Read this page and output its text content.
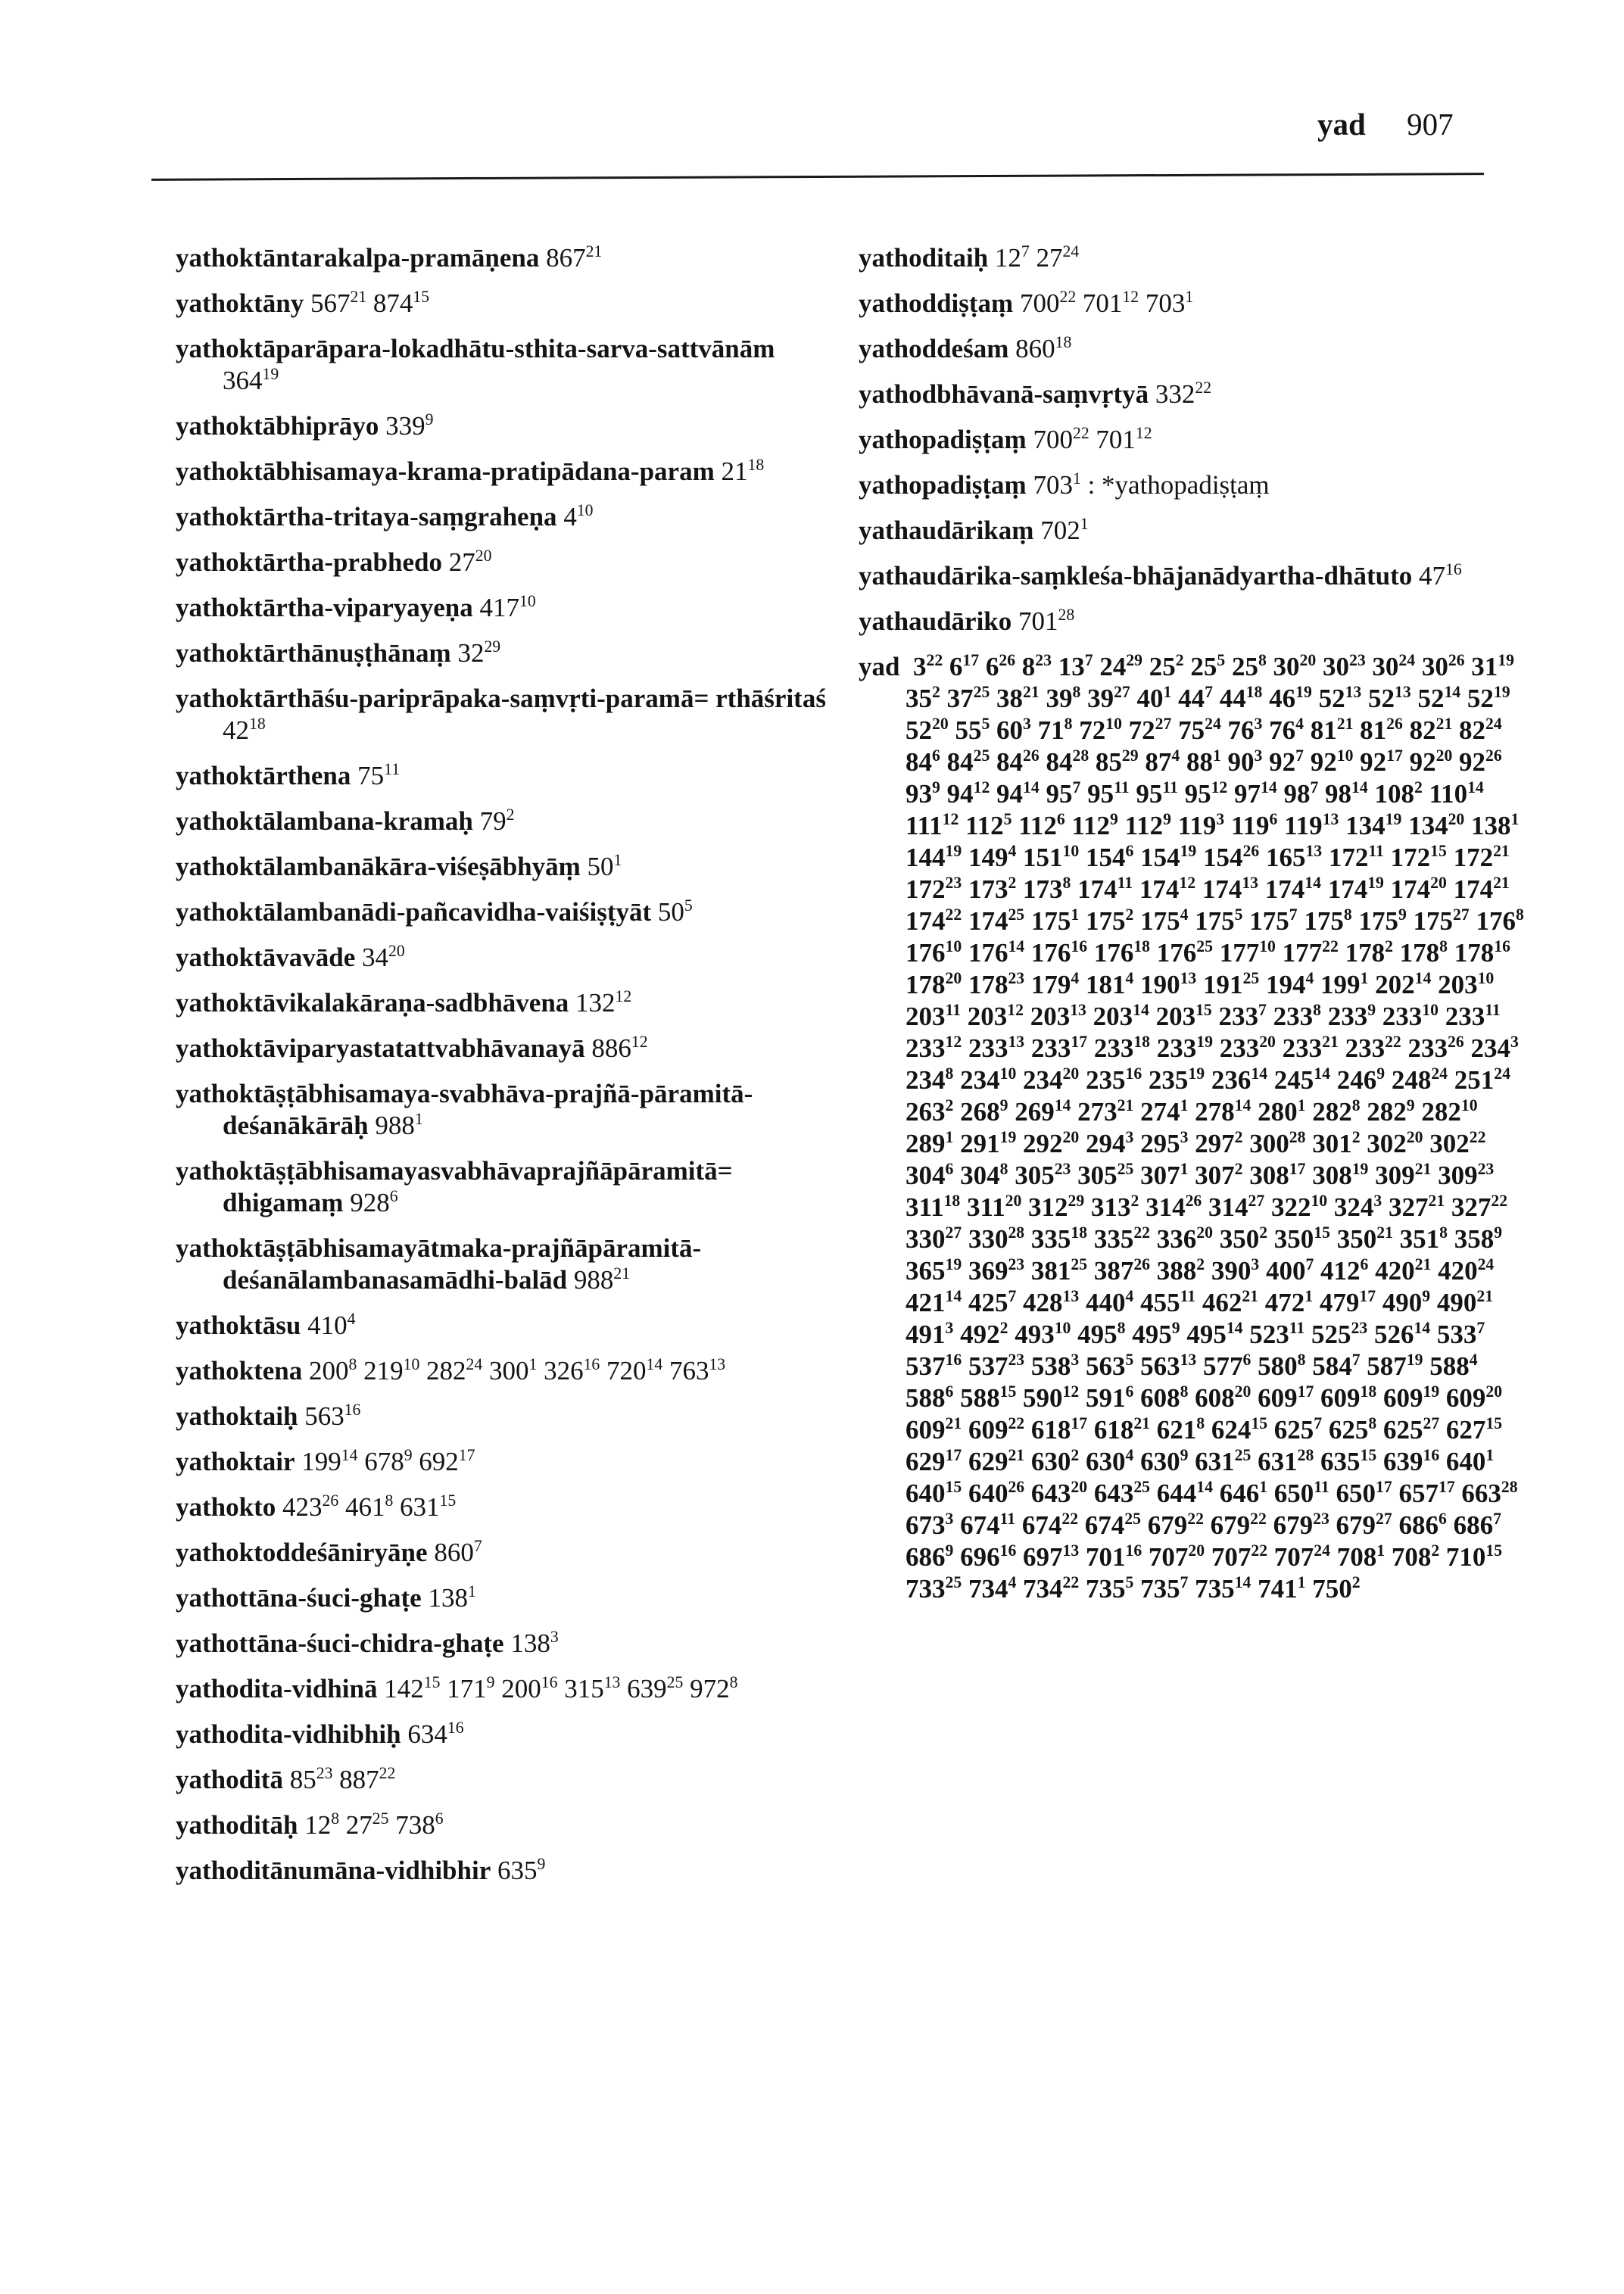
yad 907
yathoktāntarakalpa-pramāṇena $867^{21}$
yathoktāny $567^{21}$ $874^{15}$
yathoktāparāpara-lokadhātu-sthita-sarva-sattvānām $364^{19}$
yathoktābhiprāyo $339^9$
yathoktābhisamaya-krama-pratipādana-param $21^{18}$
yathoktārtha-tritaya-saṃgraheṇa $4^{10}$
yathoktārtha-prabhedo $27^{20}$
yathoktārtha-viparyayeṇa $417^{10}$
yathoktārthānuṣṭhānaṃ $32^{29}$
yathoktārthāśu-pariprāpaka-saṃvṛti-paramā= rthāśritaś $42^{18}$
yathoktārthena $75^{11}$
yathoktālambana-kramaḥ $79^2$
yathoktālambanākāra-viśeṣābhyāṃ $50^1$
yathoktālambanādi-pañcavidha-vaiśiṣṭyāt $50^5$
yathoktāvavāde $34^{20}$
yathoktāvikalakāraṇa-sadbhāvena $132^{12}$
yathoktāviparyastatattvabhāvanayā $886^{12}$
yathoktāṣṭābhisamaya-svabhāva-prajñā-pāramitā-deśanākārāḥ $988^1$
yathoktāṣṭābhisamayasvabhāvaprajñāpāramitā= dhigamaṃ $928^6$
yathoktāṣṭābhisamayātmaka-prajñāpāramitā-deśanālambanasamādhi-balād $988^{21}$
yathoktāsu $410^4$
yathoktena $200^8$ $219^{10}$ $282^{24}$ $300^1$ $326^{16}$ $720^{14}$ $763^{13}$
yathoktaiḥ $563^{16}$
yathoktair $199^{14}$ $678^9$ $692^{17}$
yathokto $423^{26}$ $461^8$ $631^{15}$
yathoktoddeśāniryāṇe $860^7$
yathottāna-śuci-ghaṭe $138^1$
yathottāna-śuci-chidra-ghaṭe $138^3$
yathodita-vidhinā $142^{15}$ $171^9$ $200^{16}$ $315^{13}$ $639^{25}$ $972^8$
yathodita-vidhibhiḥ $634^{16}$
yathoditā $85^{23}$ $887^{22}$
yathoditāḥ $12^8$ $27^{25}$ $738^6$
yathoditānumāna-vidhibhir $635^9$
yathoditaiḥ $12^7$ $27^{24}$
yathoddiṣṭaṃ $700^{22}$ $701^{12}$ $703^1$
yathoddeśam $860^{18}$
yathodbhāvanā-saṃvṛtyā $332^{22}$
yathopadiṣṭaṃ $700^{22}$ $701^{12}$
yathopadiṣṭaṃ $703^1$ : *yathopadiṣṭaṃ
yathaudārikaṃ $702^1$
yathaudārika-saṃkleśa-bhājanādyartha-dhātuto $47^{16}$
yathaudāriko $701^{28}$
yad $3^{22}$ $6^{17}$ $6^{26}$ $8^{23}$ $13^7$ $24^{29}$ $25^2$ $25^5$ $25^8$ $30^{20}$ $30^{23}$ $30^{24}$ $30^{26}$ $31^{19}$ $35^2$ $37^{25}$ $38^{21}$ $39^8$ $39^{27}$ $40^1$ $44^7$ $44^{18}$ $46^{19}$ $52^{13}$ $52^{13}$ $52^{14}$ $52^{19}$ $52^{20}$ $55^5$ $60^3$ $71^8$ $72^{10}$ $72^{27}$ $75^{24}$ $76^3$ $76^4$ $81^{21}$ $81^{26}$ $82^{21}$ $82^{24}$ $84^6$ $84^{25}$ $84^{26}$ $84^{28}$ $85^{29}$ $87^4$ $88^1$ $90^3$ $92^7$ $92^{10}$ $92^{17}$ $92^{20}$ $92^{26}$ $93^9$ $94^{12}$ $94^{14}$ $95^7$ $95^{11}$ $95^{11}$ $95^{12}$ $97^{14}$ $98^7$ $98^{14}$ $108^2$ $110^{14}$ $111^{12}$ $112^5$ $112^6$ $112^9$ $112^9$ $119^3$ $119^6$ $119^{13}$ $134^{19}$ $134^{20}$ $138^1$ $144^{19}$ $149^4$ $151^{10}$ $154^6$ $154^{19}$ $154^{26}$ $165^{13}$ $172^{11}$ $172^{15}$ $172^{21}$ $172^{23}$ $173^2$ $173^8$ $174^{11}$ $174^{12}$ $174^{13}$ $174^{14}$ $174^{19}$ $174^{20}$ $174^{21}$ $174^{22}$ $174^{25}$ $175^1$ $175^2$ $175^4$ $175^5$ $175^7$ $175^8$ $175^9$ $175^{27}$ $176^8$ $176^{10}$ $176^{14}$ $176^{16}$ $176^{18}$ $176^{25}$ $177^{10}$ $177^{22}$ $178^2$ $178^8$ $178^{16}$ $178^{20}$ $178^{23}$ $179^4$ $181^4$ $190^{13}$ $191^{25}$ $194^4$ $199^1$ $202^{14}$ $203^{10}$ $203^{11}$ $203^{12}$ $203^{13}$ $203^{14}$ $203^{15}$ $233^7$ $233^8$ $233^9$ $233^{10}$ $233^{11}$ $233^{12}$ $233^{13}$ $233^{17}$ $233^{18}$ $233^{19}$ $233^{20}$ $233^{21}$ $233^{22}$ $233^{26}$ $234^3$ $234^8$ $234^{10}$ $234^{20}$ $235^{16}$ $235^{19}$ $236^{14}$ $245^{14}$ $246^9$ $248^{24}$ $251^{24}$ $263^2$ $268^9$ $269^{14}$ $273^{21}$ $274^1$ $278^{14}$ $280^1$ $282^8$ $282^9$ $282^{10}$ $289^1$ $291^{19}$ $292^{20}$ $294^3$ $295^3$ $297^2$ $300^{28}$ $301^2$ $302^{20}$ $302^{22}$ $304^6$ $304^8$ $305^{23}$ $305^{25}$ $307^1$ $307^2$ $308^{17}$ $308^{19}$ $309^{21}$ $309^{23}$ $311^{18}$ $311^{20}$ $312^{29}$ $313^2$ $314^{26}$ $314^{27}$ $322^{10}$ $324^3$ $327^{21}$ $327^{22}$ $330^{27}$ $330^{28}$ $335^{18}$ $335^{22}$ $336^{20}$ $350^2$ $350^{15}$ $350^{21}$ $351^8$ $358^9$ $365^{19}$ $369^{23}$ $381^{25}$ $387^{26}$ $388^2$ $390^3$ $400^7$ $412^6$ $420^{21}$ $420^{24}$ $421^{14}$ $425^7$ $428^{13}$ $440^4$ $455^{11}$ $462^{21}$ $472^1$ $479^{17}$ $490^9$ $490^{21}$ $491^3$ $492^2$ $493^{10}$ $495^8$ $495^9$ $495^{14}$ $523^{11}$ $525^{23}$ $526^{14}$ $533^7$ $537^{16}$ $537^{23}$ $538^3$ $563^5$ $563^{13}$ $577^6$ $580^8$ $584^7$ $587^{19}$ $588^4$ $588^6$ $588^{15}$ $590^{12}$ $591^6$ $608^8$ $608^{20}$ $609^{17}$ $609^{18}$ $609^{19}$ $609^{20}$ $609^{21}$ $609^{22}$ $618^{17}$ $618^{21}$ $621^8$ $624^{15}$ $625^7$ $625^8$ $625^{27}$ $627^{15}$ $629^{17}$ $629^{21}$ $630^2$ $630^4$ $630^9$ $631^{25}$ $631^{28}$ $635^{15}$ $639^{16}$ $640^1$ $640^{15}$ $640^{26}$ $643^{20}$ $643^{25}$ $644^{14}$ $646^1$ $650^{11}$ $650^{17}$ $657^{17}$ $663^{28}$ $673^3$ $674^{11}$ $674^{22}$ $674^{25}$ $679^{22}$ $679^{22}$ $679^{23}$ $679^{27}$ $686^6$ $686^7$ $686^9$ $696^{16}$ $697^{13}$ $701^{16}$ $707^{20}$ $707^{22}$ $707^{24}$ $708^1$ $708^2$ $710^{15}$ $733^{25}$ $734^4$ $734^{22}$ $735^5$ $735^7$ $735^{14}$ $741^1$ $750^2$
